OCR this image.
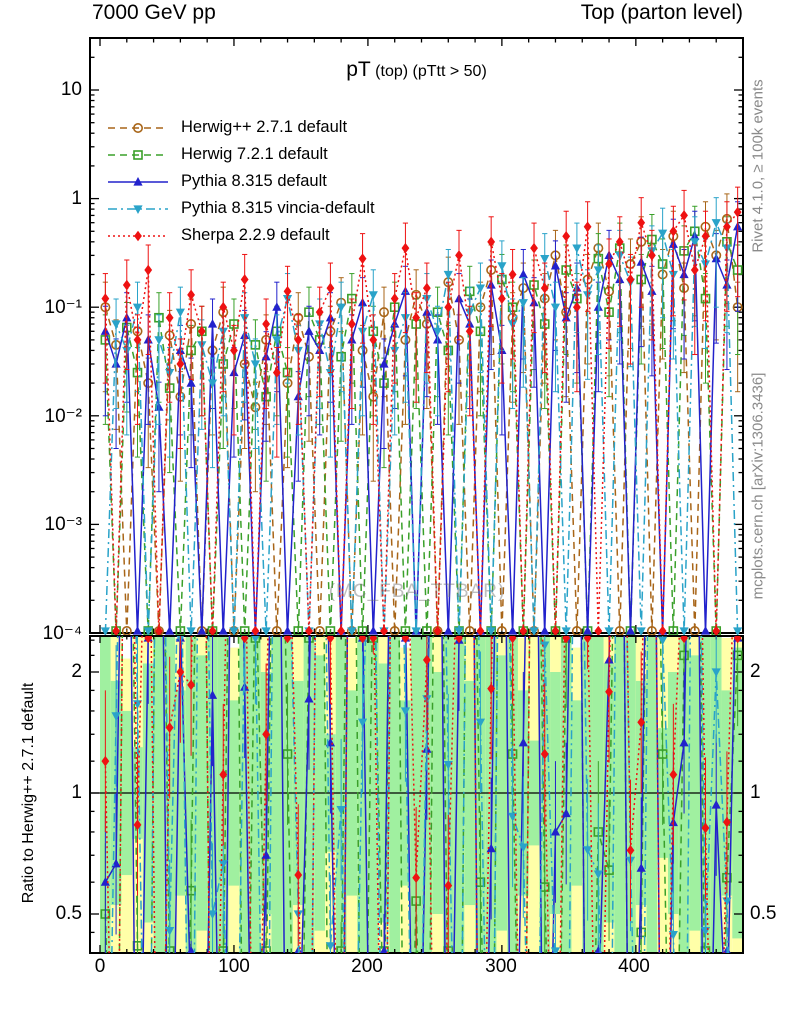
7000 GeV pp	Top (parton level)
pT (top) (pTtt > 50)
Herwig++ 2.7.1 default
Herwig 7.2.1 default
Pythia 8.315 default
Pythia 8.315 vincia-default
Sherpa 2.2.9 default
10
1
10⁻¹
10⁻²
10⁻³
10⁻⁴
2
1
0.5
2
1
0.5
0	100	200	300	400
Ratio to Herwig++ 2.7.1 default
Rivet 4.1.0, ≥ 100k events
mcplots.cern.ch [arXiv:1306.3436]
(MC_FBA_TTBAR)
